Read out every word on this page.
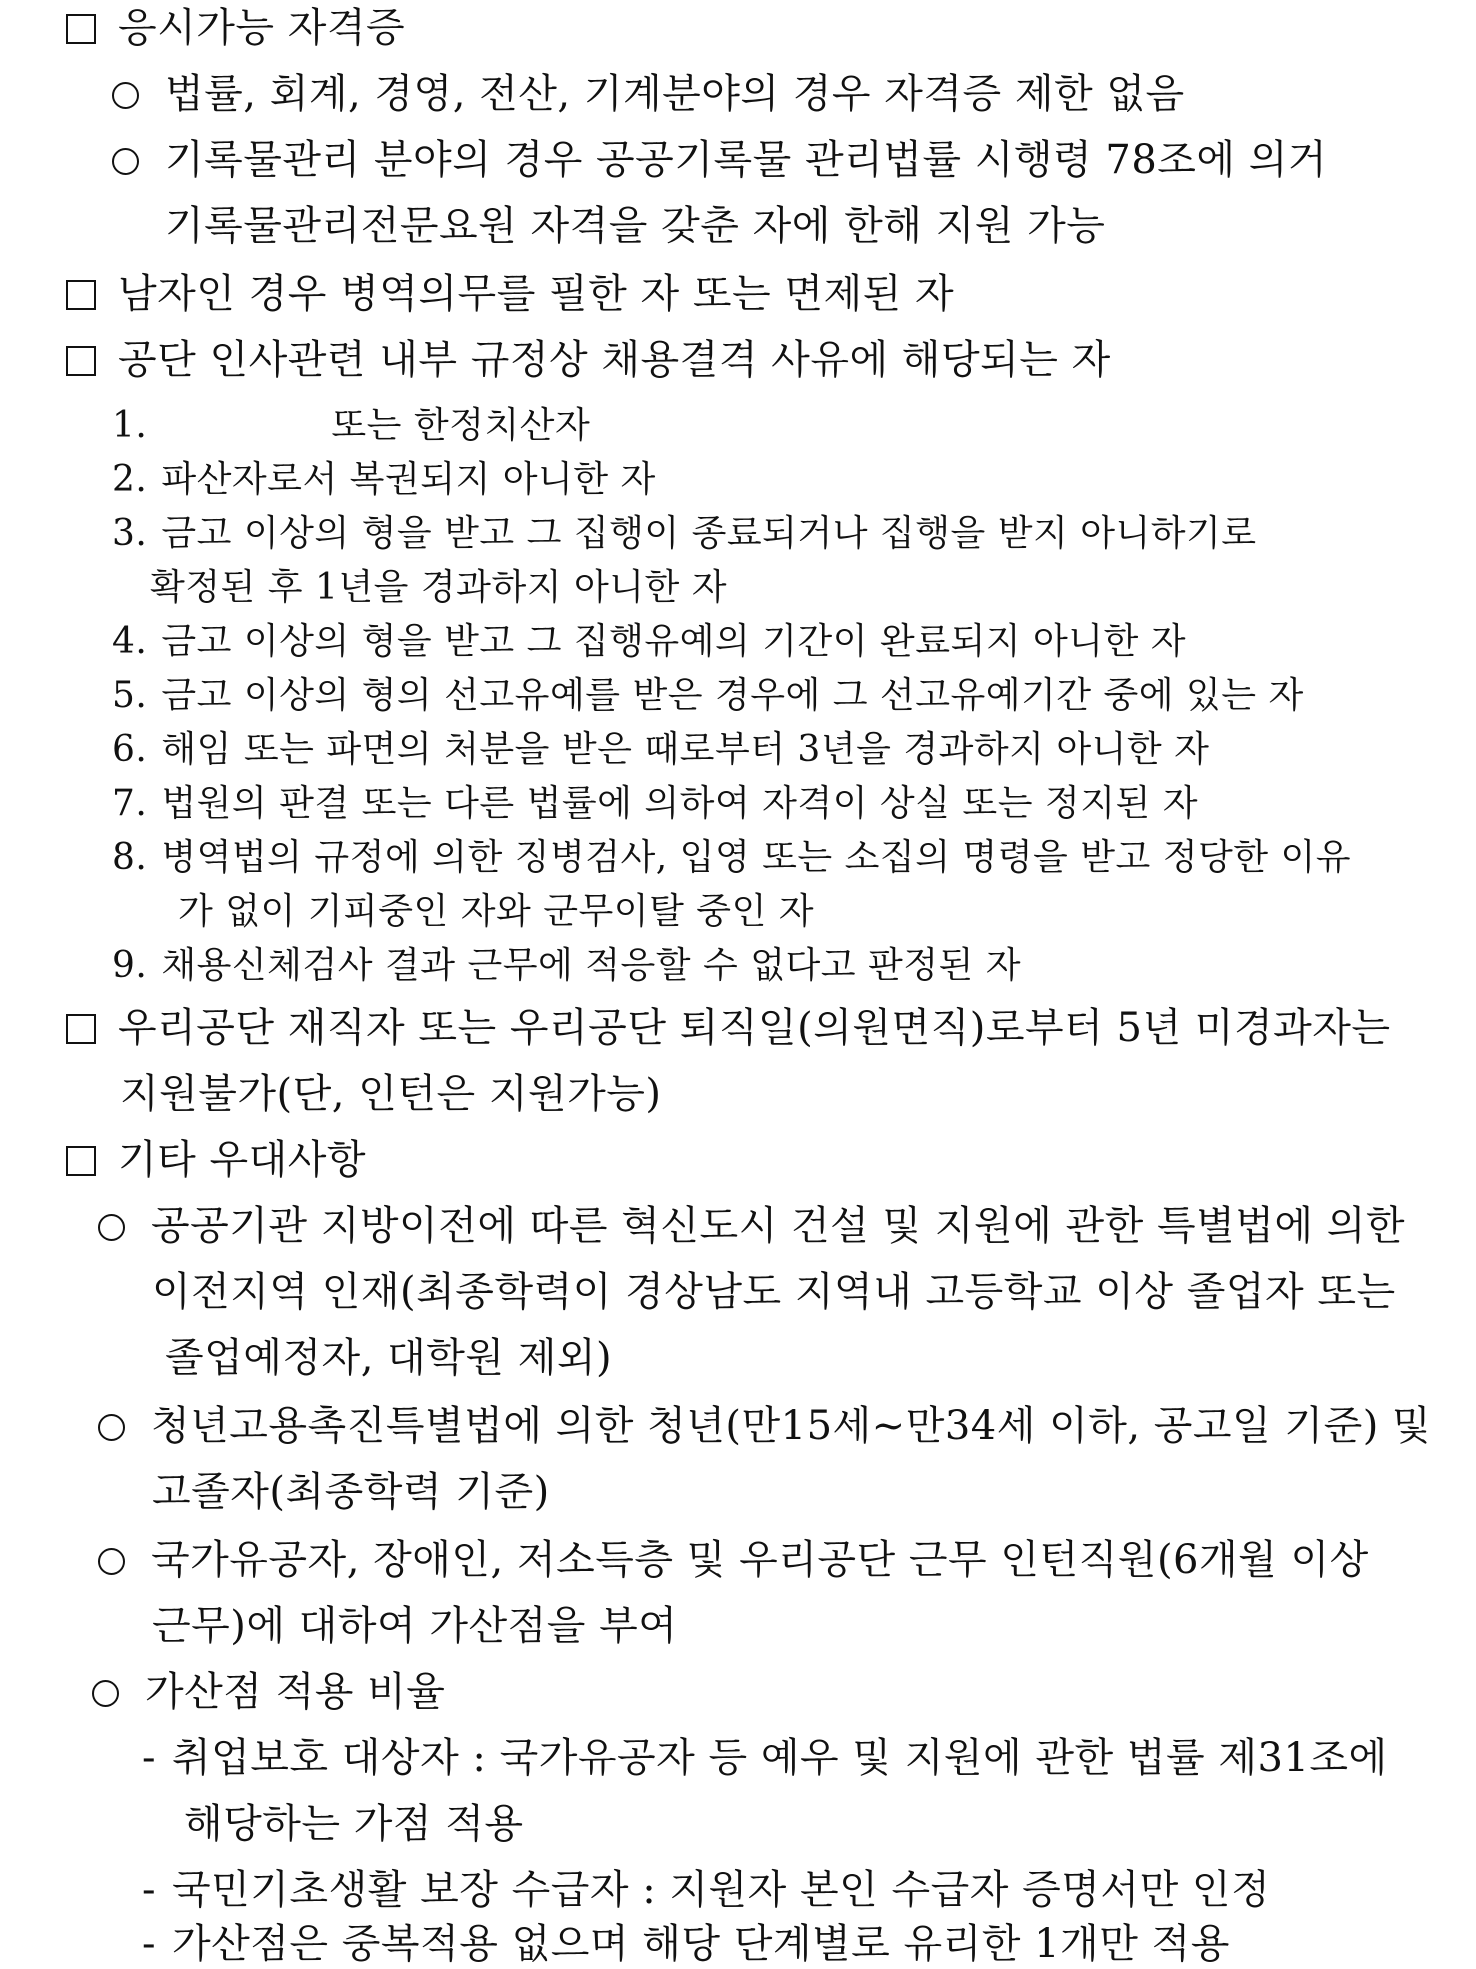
응시가능 자격증
법률, 회계, 경영, 전산, 기계분야의 경우 자격증 제한 없음
기록물관리 분야의 경우 공공기록물 관리법률 시행령 78조에 의거
기록물관리전문요원 자격을 갖춘 자에 한해 지원 가능
남자인 경우 병역의무를 필한 자 또는 면제된 자
공단 인사관련 내부 규정상 채용결격 사유에 해당되는 자
1.	또는 한정치산자
2. 파산자로서 복권되지 아니한 자
3. 금고 이상의 형을 받고 그 집행이 종료되거나 집행을 받지 아니하기로
확정된 후 1년을 경과하지 아니한 자
4. 금고 이상의 형을 받고 그 집행유예의 기간이 완료되지 아니한 자
5. 금고 이상의 형의 선고유예를 받은 경우에 그 선고유예기간 중에 있는 자
6. 해임 또는 파면의 처분을 받은 때로부터 3년을 경과하지 아니한 자
7. 법원의 판결 또는 다른 법률에 의하여 자격이 상실 또는 정지된 자
8. 병역법의 규정에 의한 징병검사, 입영 또는 소집의 명령을 받고 정당한 이유
가 없이 기피중인 자와 군무이탈 중인 자
9. 채용신체검사 결과 근무에 적응할 수 없다고 판정된 자
우리공단 재직자 또는 우리공단 퇴직일(의원면직)로부터 5년 미경과자는
지원불가(단, 인턴은 지원가능)
기타 우대사항
공공기관 지방이전에 따른 혁신도시 건설 및 지원에 관한 특별법에 의한
이전지역 인재(최종학력이 경상남도 지역내 고등학교 이상 졸업자 또는
졸업예정자, 대학원 제외)
청년고용촉진특별법에 의한 청년(만15세~만34세 이하, 공고일 기준) 및
고졸자(최종학력 기준)
국가유공자, 장애인, 저소득층 및 우리공단 근무 인턴직원(6개월 이상
근무)에 대하여 가산점을 부여
가산점 적용 비율
- 취업보호 대상자 : 국가유공자 등 예우 및 지원에 관한 법률 제31조에
해당하는 가점 적용
- 국민기초생활 보장 수급자 : 지원자 본인 수급자 증명서만 인정
- 가산점은 중복적용 없으며 해당 단계별로 유리한 1개만 적용
